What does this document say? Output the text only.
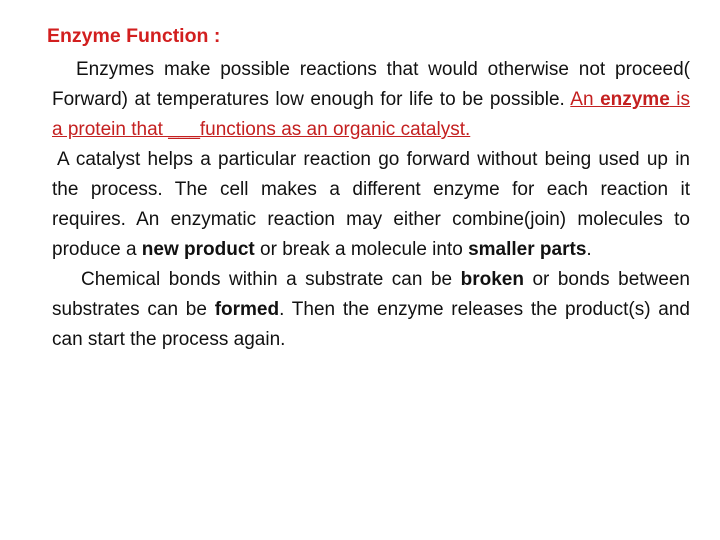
Enzyme Function :

Enzymes make possible reactions that would otherwise not proceed( Forward) at temperatures low enough for life to be possible. An enzyme is a protein that ___functions as an organic catalyst.

A catalyst helps a particular reaction go forward without being used up in the process. The cell makes a different enzyme for each reaction it requires. An enzymatic reaction may either combine(join) molecules to produce a new product or break a molecule into smaller parts.

Chemical bonds within a substrate can be broken or bonds between substrates can be formed. Then the enzyme releases the product(s) and can start the process again.
